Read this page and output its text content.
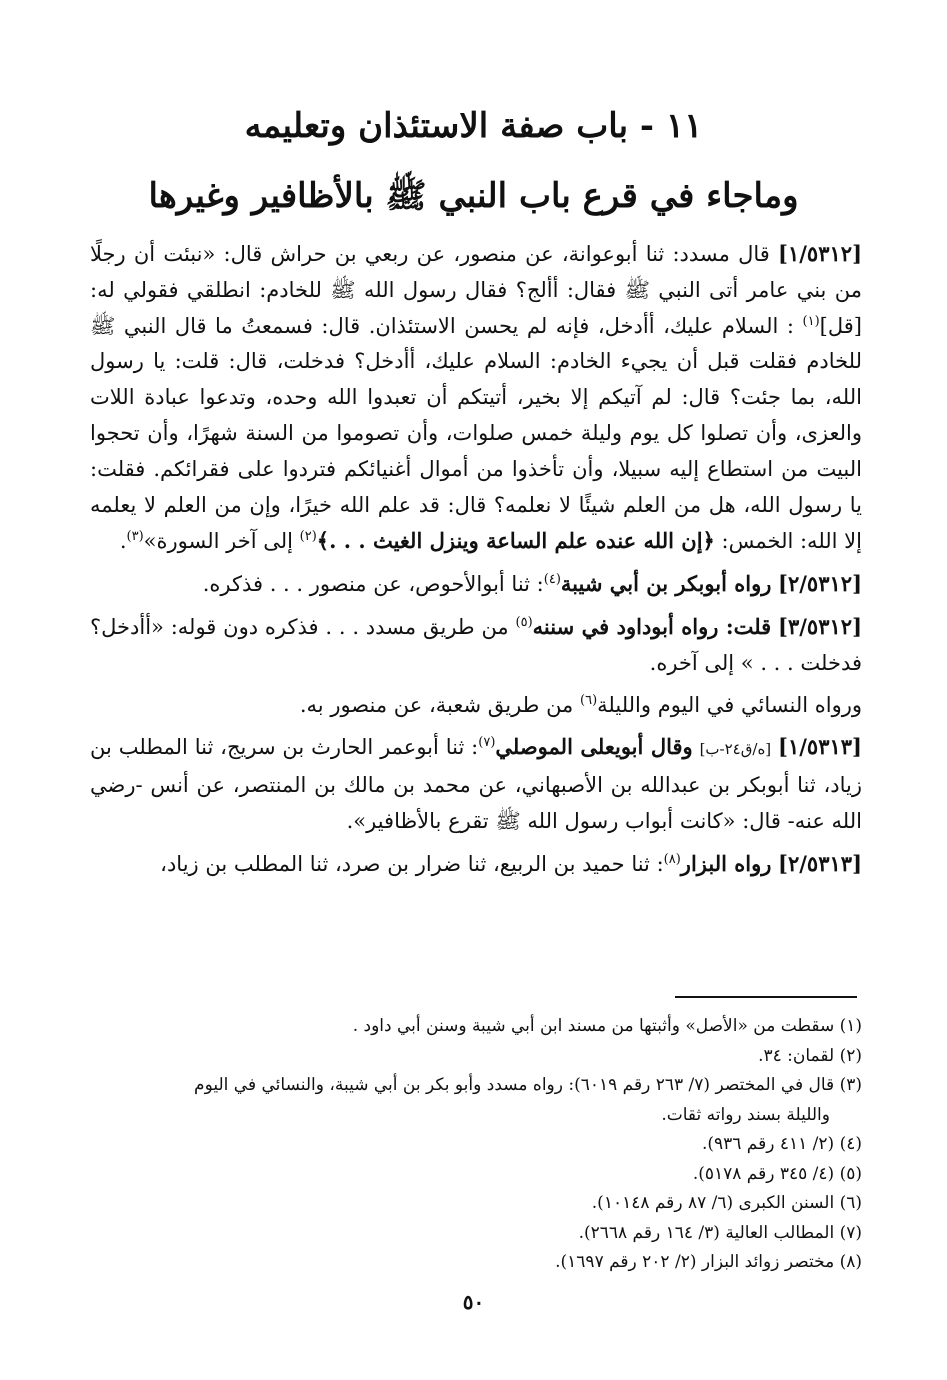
١١ - باب صفة الاستئذان وتعليمه
وماجاء في قرع باب النبي ﷺ بالأظافير وغيرها

[١/٥٣١٢] قال مسدد: ثنا أبوعوانة، عن منصور، عن ربعي بن حراش قال: «نبئت أن رجلًا من بني عامر أتى النبي ﷺ فقال: أألج؟ فقال رسول الله ﷺ للخادم: انطلقي فقولي له: [قل]$^{(١)}$ : السلام عليك، أأدخل، فإنه لم يحسن الاستئذان. قال: فسمعتُ ما قال النبي ﷺ للخادم فقلت قبل أن يجيء الخادم: السلام عليك، أأدخل؟ فدخلت، قال: قلت: يا رسول الله، بما جئت؟ قال: لم آتيكم إلا بخير، أتيتكم أن تعبدوا الله وحده، وتدعوا عبادة اللات والعزى، وأن تصلوا كل يوم وليلة خمس صلوات، وأن تصوموا من السنة شهرًا، وأن تحجوا البيت من استطاع إليه سبيلا، وأن تأخذوا من أموال أغنيائكم فتردوا على فقرائكم. فقلت: يا رسول الله، هل من العلم شيئًا لا نعلمه؟ قال: قد علم الله خيرًا، وإن من العلم لا يعلمه إلا الله: الخمس: ﴿إن الله عنده علم الساعة وينزل الغيث . . .﴾$^{(٢)}$ إلى آخر السورة»$^{(٣)}$.

[٢/٥٣١٢] رواه أبوبكر بن أبي شيبة$^{(٤)}$: ثنا أبوالأحوص، عن منصور . . . فذكره.

[٣/٥٣١٢] قلت: رواه أبوداود في سننه$^{(٥)}$ من طريق مسدد . . . فذكره دون قوله: «أأدخل؟ فدخلت . . . » إلى آخره.

ورواه النسائي في اليوم والليلة$^{(٦)}$ من طريق شعبة، عن منصور به.

[١/٥٣١٣] [ه/ق٢٤-ب] وقال أبويعلى الموصلي$^{(٧)}$: ثنا أبوعمر الحارث بن سريج، ثنا المطلب بن زياد، ثنا أبوبكر بن عبدالله بن الأصبهاني، عن محمد بن مالك بن المنتصر، عن أنس -رضي الله عنه- قال: «كانت أبواب رسول الله ﷺ تقرع بالأظافير».

[٢/٥٣١٣] رواه البزار$^{(٨)}$: ثنا حميد بن الربيع، ثنا ضرار بن صرد، ثنا المطلب بن زياد،

(١) سقطت من «الأصل» وأثبتها من مسند ابن أبي شيبة وسنن أبي داود .

(٢) لقمان: ٣٤.

(٣) قال في المختصر (٧/ ٢٦٣ رقم ٦٠١٩): رواه مسدد وأبو بكر بن أبي شيبة، والنسائي في اليوم

والليلة بسند رواته ثقات.

(٤) (٢/ ٤١١ رقم ٩٣٦).

(٥) (٤/ ٣٤٥ رقم ٥١٧٨).

(٦) السنن الكبرى (٦/ ٨٧ رقم ١٠١٤٨).

(٧) المطالب العالية (٣/ ١٦٤ رقم ٢٦٦٨).

(٨) مختصر زوائد البزار (٢/ ٢٠٢ رقم ١٦٩٧).

٥٠
